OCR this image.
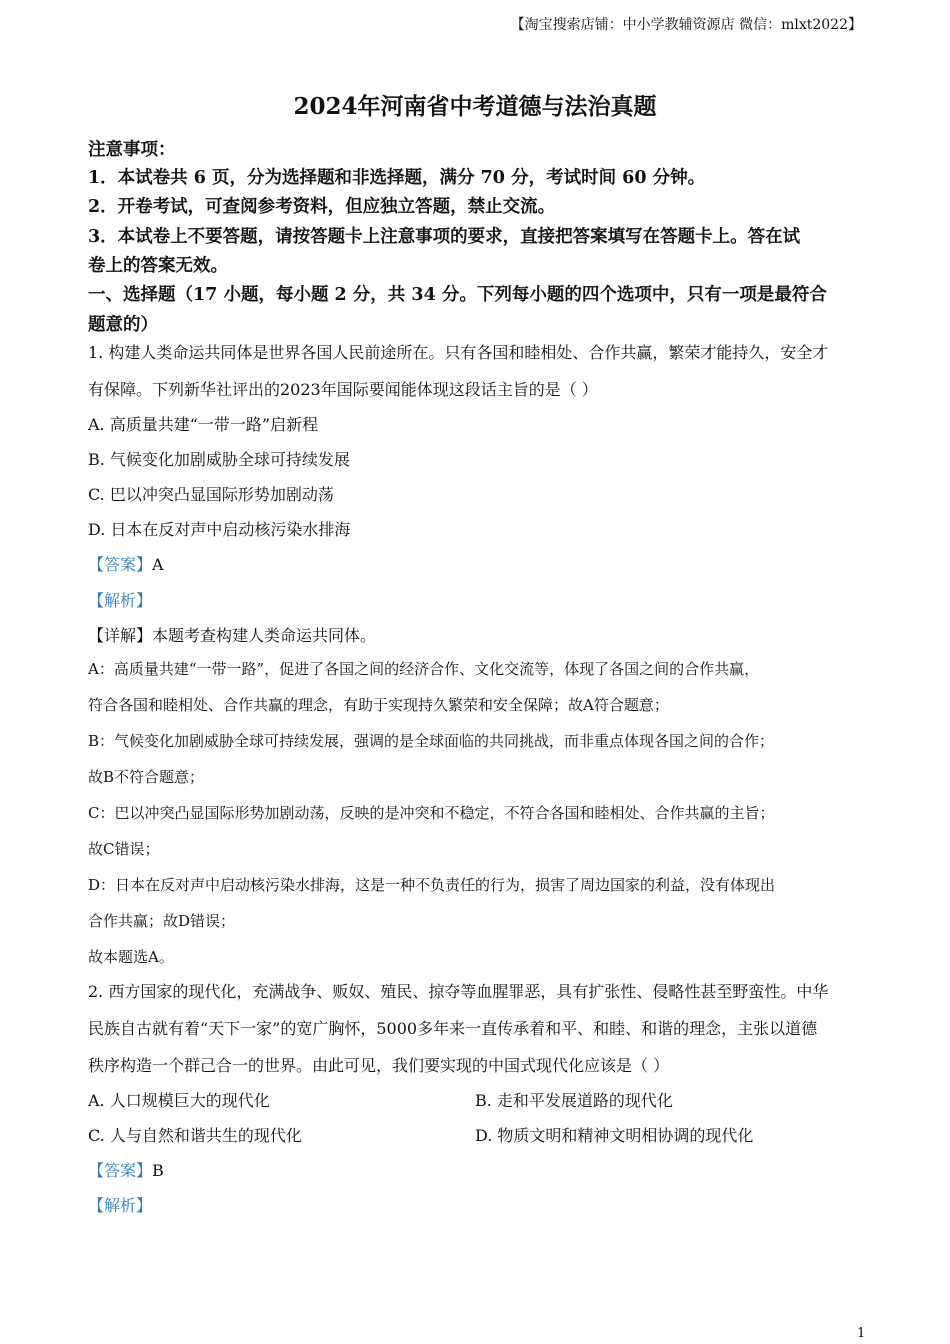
【淘宝搜索店铺：中小学教辅资源店 微信：mlxt2022】
2024年河南省中考道德与法治真题
注意事项：
1．本试卷共 6 页，分为选择题和非选择题，满分 70 分，考试时间 60 分钟。
2．开卷考试，可查阅参考资料，但应独立答题，禁止交流。
3．本试卷上不要答题，请按答题卡上注意事项的要求，直接把答案填写在答题卡上。答在试
卷上的答案无效。
一、选择题（17 小题，每小题 2 分，共 34 分。下列每小题的四个选项中，只有一项是最符合
题意的）
1. 构建人类命运共同体是世界各国人民前途所在。只有各国和睦相处、合作共赢，繁荣才能持久，安全才
有保障。下列新华社评出的2023年国际要闻能体现这段话主旨的是（ ）
A. 高质量共建“一带一路”启新程
B. 气候变化加剧威胁全球可持续发展
C. 巴以冲突凸显国际形势加剧动荡
D. 日本在反对声中启动核污染水排海
【答案】A
【解析】
【详解】本题考查构建人类命运共同体。
A：高质量共建“一带一路”，促进了各国之间的经济合作、文化交流等，体现了各国之间的合作共赢，
符合各国和睦相处、合作共赢的理念，有助于实现持久繁荣和安全保障；故A符合题意；
B：气候变化加剧威胁全球可持续发展，强调的是全球面临的共同挑战，而非重点体现各国之间的合作；
故B不符合题意；
C：巴以冲突凸显国际形势加剧动荡，反映的是冲突和不稳定，不符合各国和睦相处、合作共赢的主旨；
故C错误；
D：日本在反对声中启动核污染水排海，这是一种不负责任的行为，损害了周边国家的利益，没有体现出
合作共赢；故D错误；
故本题选A。
2. 西方国家的现代化，充满战争、贩奴、殖民、掠夺等血腥罪恶，具有扩张性、侵略性甚至野蛮性。中华
民族自古就有着“天下一家”的宽广胸怀，5000多年来一直传承着和平、和睦、和谐的理念，主张以道德
秩序构造一个群己合一的世界。由此可见，我们要实现的中国式现代化应该是（ ）
A. 人口规模巨大的现代化	B. 走和平发展道路的现代化
C. 人与自然和谐共生的现代化	D. 物质文明和精神文明相协调的现代化
【答案】B
【解析】
1
